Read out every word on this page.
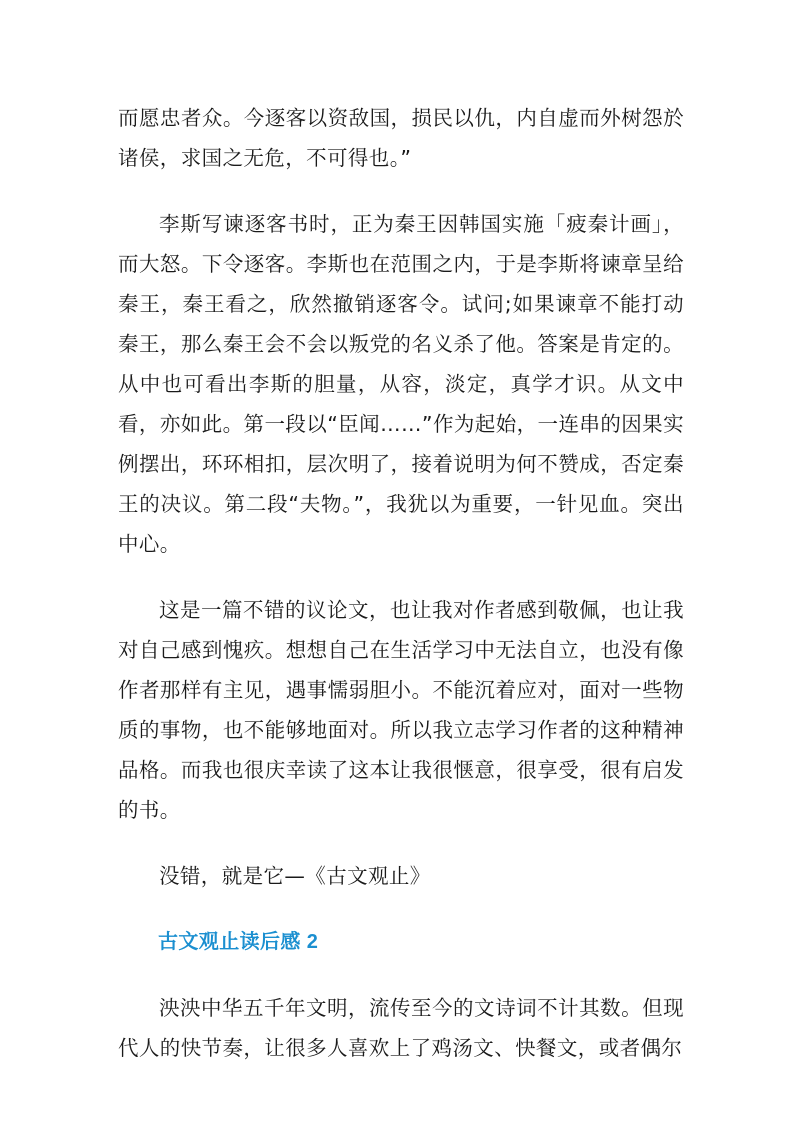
而愿忠者众。今逐客以资敌国，损民以仇，内自虚而外树怨於诸侯，求国之无危，不可得也。”

李斯写谏逐客书时，正为秦王因韩国实施「疲秦计画」，而大怒。下令逐客。李斯也在范围之内，于是李斯将谏章呈给秦王，秦王看之，欣然撤销逐客令。试问;如果谏章不能打动秦王，那么秦王会不会以叛党的名义杀了他。答案是肯定的。从中也可看出李斯的胆量，从容，淡定，真学才识。从文中看，亦如此。第一段以“臣闻……”作为起始，一连串的因果实例摆出，环环相扣，层次明了，接着说明为何不赞成，否定秦王的决议。第二段“夫物。”，我犹以为重要，一针见血。突出中心。

这是一篇不错的议论文，也让我对作者感到敬佩，也让我对自己感到愧疚。想想自己在生活学习中无法自立，也没有像作者那样有主见，遇事懦弱胆小。不能沉着应对，面对一些物质的事物，也不能够地面对。所以我立志学习作者的这种精神品格。而我也很庆幸读了这本让我很惬意，很享受，很有启发的书。

没错，就是它—《古文观止》

古文观止读后感 2

泱泱中华五千年文明，流传至今的文诗词不计其数。但现代人的快节奏，让很多人喜欢上了鸡汤文、快餐文，或者偶尔
